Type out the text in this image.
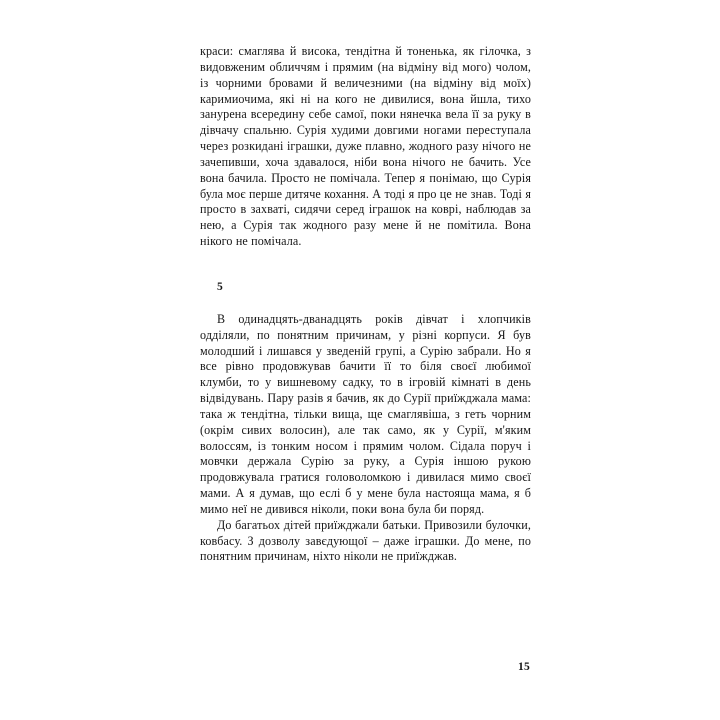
краси: смаглява й висока, тендітна й тоненька, як гілочка, з видовженим обличчям і прямим (на відміну від мого) чолом, із чорними бровами й величезними (на відміну від моїх) каримиочима, які ні на кого не дивилися, вона йшла, тихо занурена всередину себе самої, поки нянечка вела її за руку в дівчачу спальню. Сурія худими довгими ногами переступала через розкидані іграшки, дуже плавно, жодного разу нічого не зачепивши, хоча здавалося, ніби вона нічого не бачить. Усе вона бачила. Просто не помічала. Тепер я понімаю, що Сурія була моє перше дитяче кохання. А тоді я про це не знав. Тоді я просто в захваті, сидячи серед іграшок на коврі, наблюдав за нею, а Сурія так жодного разу мене й не помітила. Вона нікого не помічала.

5

В одинадцять-дванадцять років дівчат і хлопчиків оддiляли, по понятним причинам, у різні корпуси. Я був молодший і лишався у зведеній групі, а Сурію забрали. Но я все рівно продовжував бачити її то біля своєї любимої клумби, то у вишневому садку, то в ігровій кімнаті в день відвідувань. Пару разів я бачив, як до Сурії приїжджала мама: така ж тендітна, тільки вища, ще смаглявіша, з геть чорним (окрім сивих волосин), але так само, як у Сурії, м'яким волоссям, із тонким носом і прямим чолом. Сідала поруч і мовчки держала Сурію за руку, а Сурія іншою рукою продовжувала гратися головоломкою і дивилася мимо своєї мами. А я думав, що еслі б у мене була настояща мама, я б мимо неї не дивився ніколи, поки вона була би поряд.

До багатьох дітей приїжджали батьки. Привозили булочки, ковбасу. З дозволу завєдующої – даже іграшки. До мене, по понятним причинам, ніхто ніколи не приїжджав.

15
